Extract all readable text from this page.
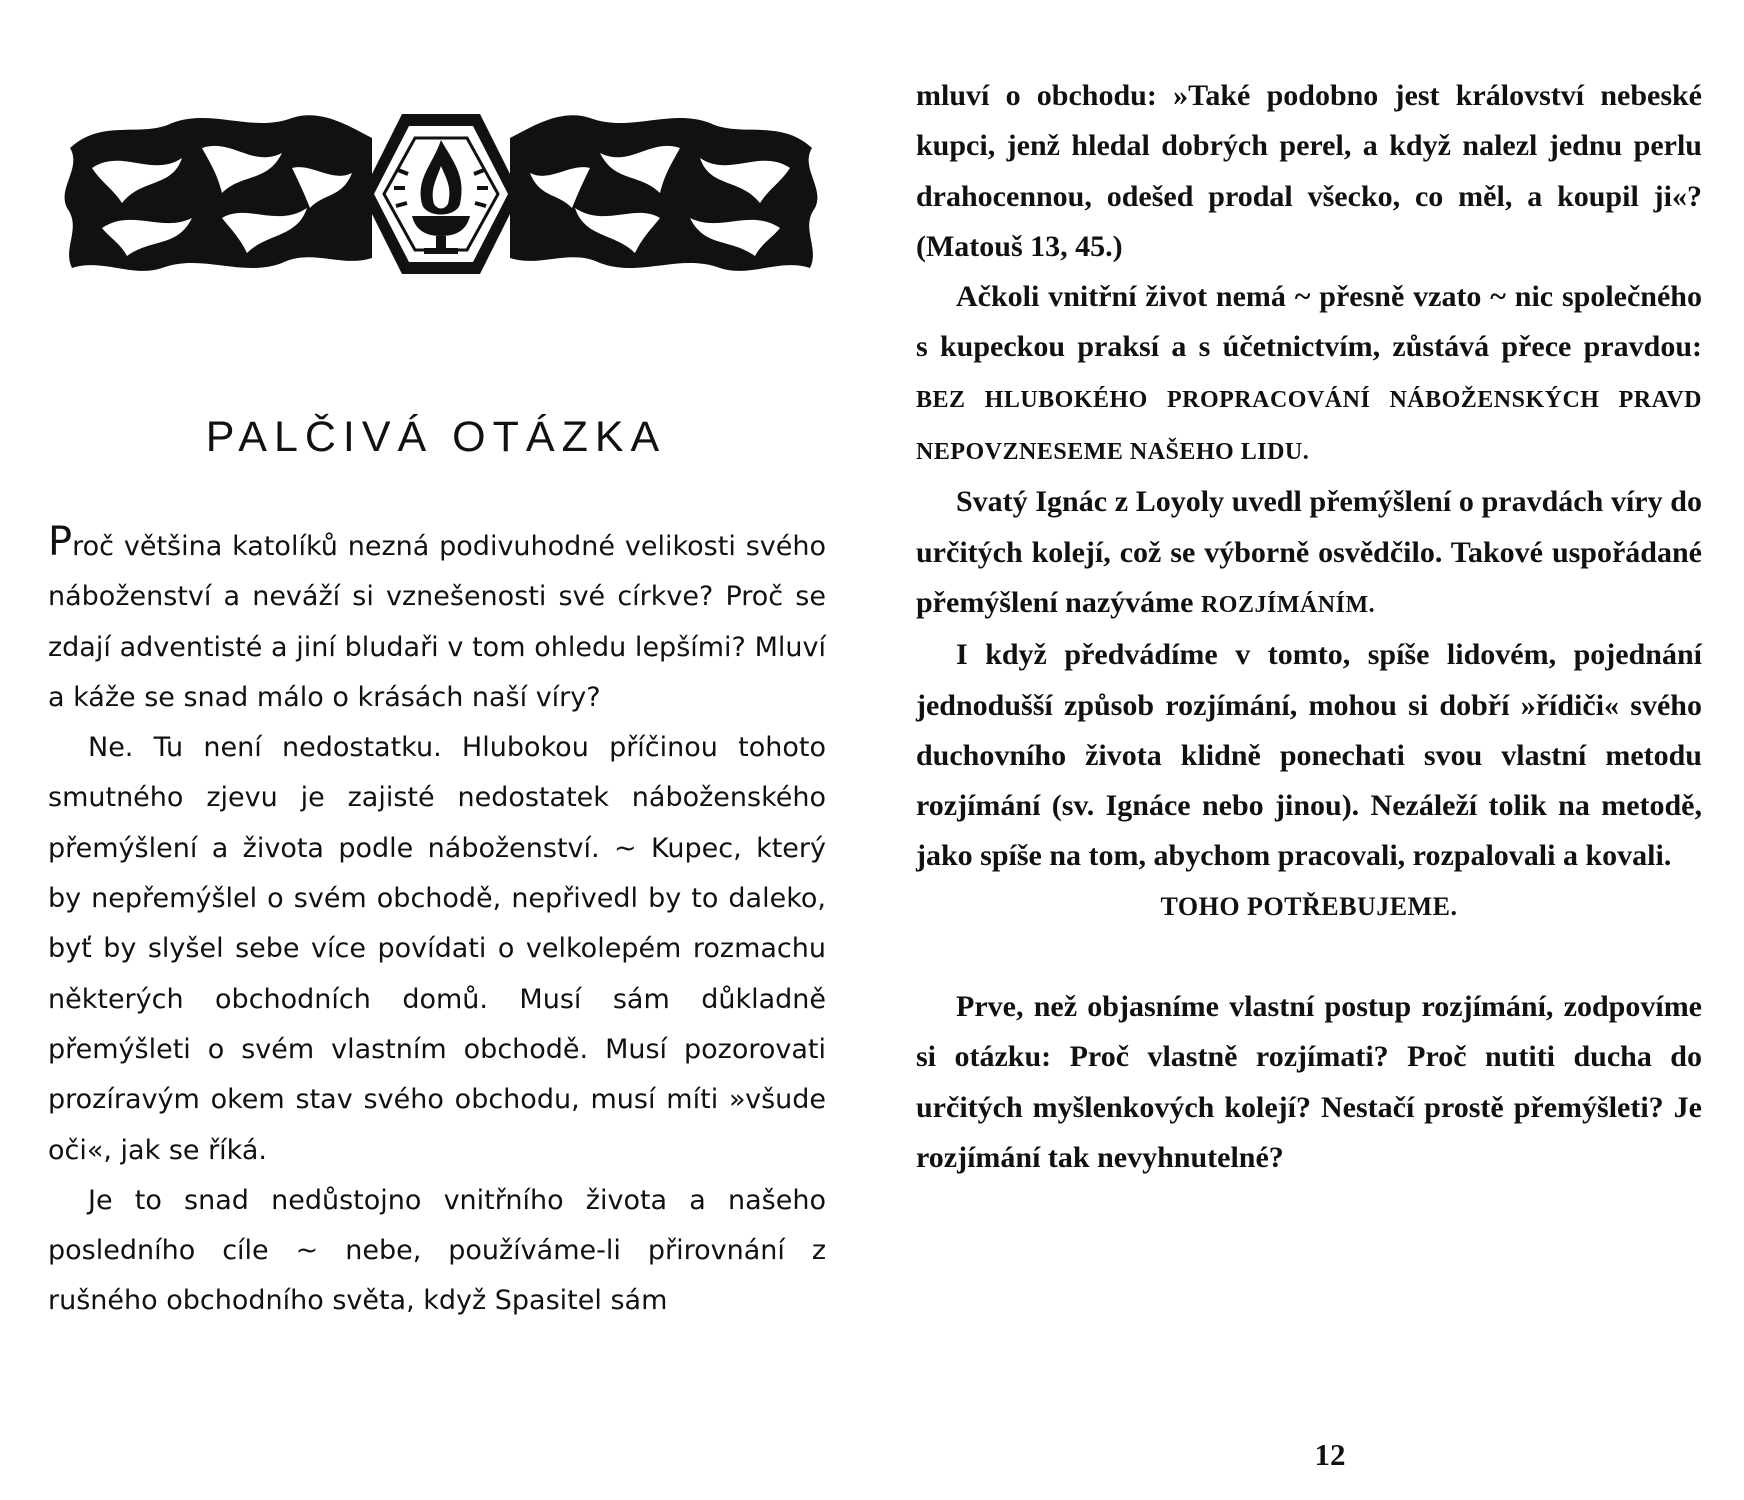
PALČIVÁ OTÁZKA

Proč většina katolíků nezná podivuhodné velikosti svého náboženství a neváží si vznešenosti své církve? Proč se zdají adventisté a jiní bludaři v tom ohledu lepšími? Mluví a káže se snad málo o krásách naší víry?

Ne. Tu není nedostatku. Hlubokou příčinou tohoto smutného zjevu je zajisté nedostatek náboženského přemýšlení a života podle náboženství. ~ Kupec, který by nepřemýšlel o svém obchodě, nepřivedl by to daleko, byť by slyšel sebe více povídati o velkolepém rozmachu některých obchodních domů. Musí sám důkladně přemýšleti o svém vlastním obchodě. Musí pozorovati prozíravým okem stav svého obchodu, musí míti »všude oči«, jak se říká.

Je to snad nedůstojno vnitřního života a našeho posledního cíle ~ nebe, používáme-li přirovnání z rušného obchodního světa, když Spasitel sám

mluví o obchodu: »Také podobno jest království nebeské kupci, jenž hledal dobrých perel, a když nalezl jednu perlu drahocennou, odešed prodal všecko, co měl, a koupil ji«? (Matouš 13, 45.)

Ačkoli vnitřní život nemá ~ přesně vzato ~ nic společného s kupeckou praksí a s účetnictvím, zůstává přece pravdou: BEZ HLUBOKÉHO PROPRACOVÁNÍ NÁBOŽENSKÝCH PRAVD NEPOVZNESEME NAŠEHO LIDU.

Svatý Ignác z Loyoly uvedl přemýšlení o pravdách víry do určitých kolejí, což se výborně osvědčilo. Takové uspořádané přemýšlení nazýváme ROZJÍMÁNÍM.

I když předvádíme v tomto, spíše lidovém, pojednání jednodušší způsob rozjímání, mohou si dobří »řídiči« svého duchovního života klidně ponechati svou vlastní metodu rozjímání (sv. Ignáce nebo jinou). Nezáleží tolik na metodě, jako spíše na tom, abychom pracovali, rozpalovali a kovali.

TOHO POTŘEBUJEME.

Prve, než objasníme vlastní postup rozjímání, zodpovíme si otázku: Proč vlastně rozjímati? Proč nutiti ducha do určitých myšlenkových kolejí? Nestačí prostě přemýšleti? Je rozjímání tak nevyhnutelné?

12
